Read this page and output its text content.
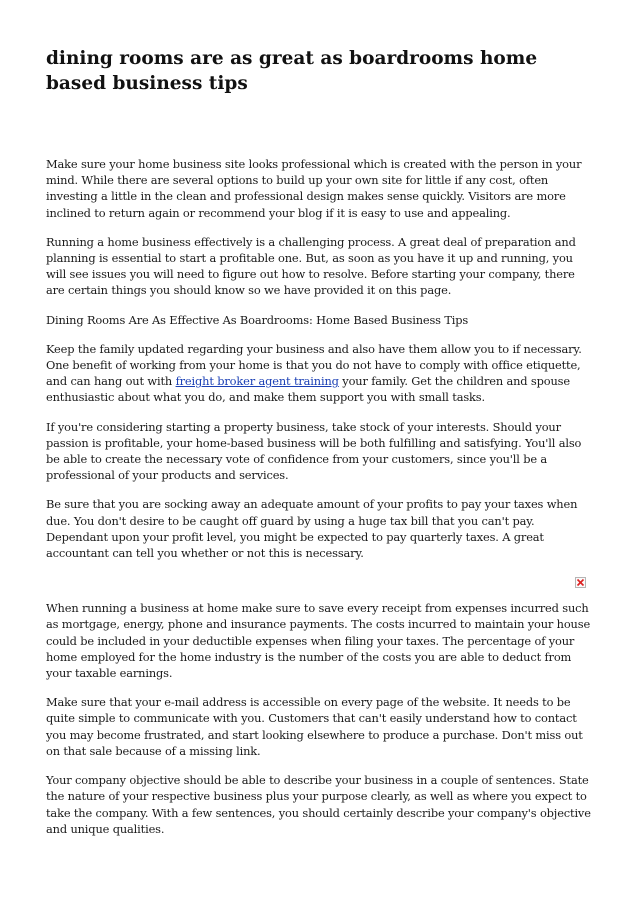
dining rooms are as great as boardrooms home based business tips

Make sure your home business site looks professional which is created with the person in your mind. While there are several options to build up your own site for little if any cost, often investing a little in the clean and professional design makes sense quickly. Visitors are more inclined to return again or recommend your blog if it is easy to use and appealing.

Running a home business effectively is a challenging process. A great deal of preparation and planning is essential to start a profitable one. But, as soon as you have it up and running, you will see issues you will need to figure out how to resolve. Before starting your company, there are certain things you should know so we have provided it on this page.

Dining Rooms Are As Effective As Boardrooms: Home Based Business Tips

Keep the family updated regarding your business and also have them allow you to if necessary. One benefit of working from your home is that you do not have to comply with office etiquette, and can hang out with freight broker agent training your family. Get the children and spouse enthusiastic about what you do, and make them support you with small tasks.

If you're considering starting a property business, take stock of your interests. Should your passion is profitable, your home-based business will be both fulfilling and satisfying. You'll also be able to create the necessary vote of confidence from your customers, since you'll be a professional of your products and services.

Be sure that you are socking away an adequate amount of your profits to pay your taxes when due. You don't desire to be caught off guard by using a huge tax bill that you can't pay. Dependant upon your profit level, you might be expected to pay quarterly taxes. A great accountant can tell you whether or not this is necessary.

When running a business at home make sure to save every receipt from expenses incurred such as mortgage, energy, phone and insurance payments. The costs incurred to maintain your house could be included in your deductible expenses when filing your taxes. The percentage of your home employed for the home industry is the number of the costs you are able to deduct from your taxable earnings.

Make sure that your e-mail address is accessible on every page of the website. It needs to be quite simple to communicate with you. Customers that can't easily understand how to contact you may become frustrated, and start looking elsewhere to produce a purchase. Don't miss out on that sale because of a missing link.

Your company objective should be able to describe your business in a couple of sentences. State the nature of your respective business plus your purpose clearly, as well as where you expect to take the company. With a few sentences, you should certainly describe your company's objective and unique qualities.
